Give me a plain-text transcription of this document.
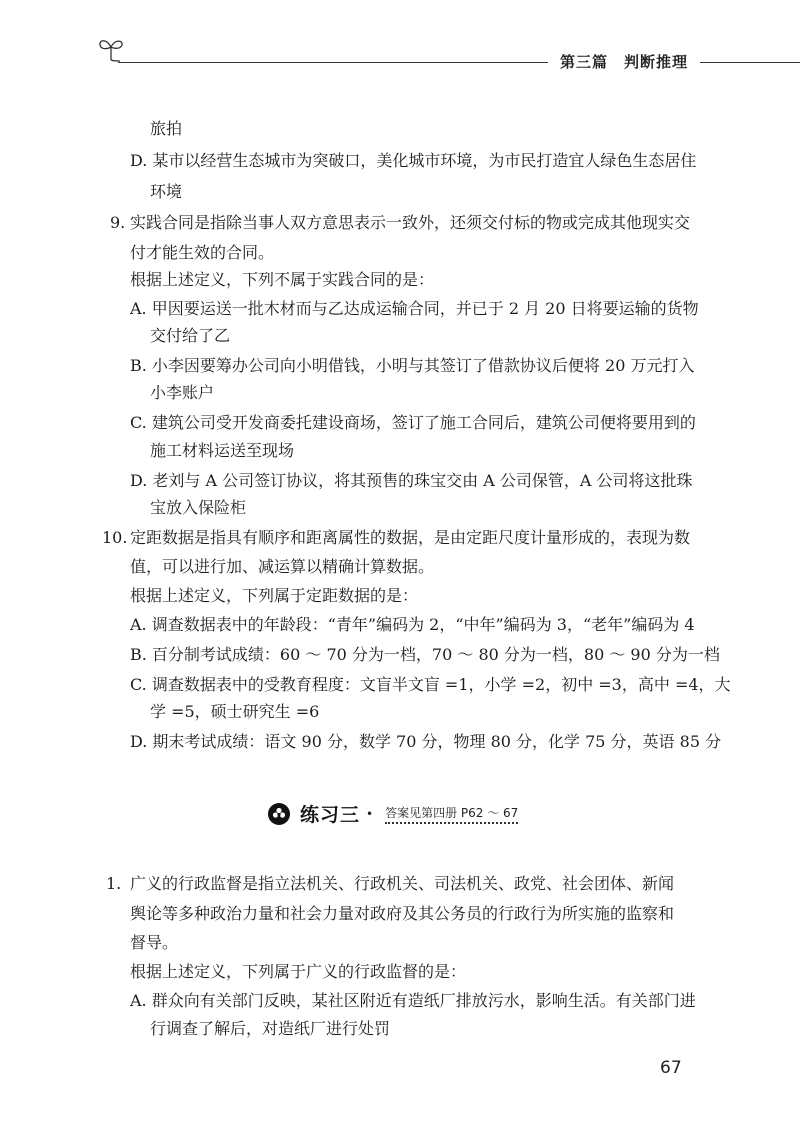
第三篇 判断推理
旅拍
D. 某市以经营生态城市为突破口，美化城市环境，为市民打造宜人绿色生态居住
环境
9. 实践合同是指除当事人双方意思表示一致外，还须交付标的物或完成其他现实交
付才能生效的合同。
根据上述定义，下列不属于实践合同的是：
A. 甲因要运送一批木材而与乙达成运输合同，并已于 2 月 20 日将要运输的货物
交付给了乙
B. 小李因要筹办公司向小明借钱，小明与其签订了借款协议后便将 20 万元打入
小李账户
C. 建筑公司受开发商委托建设商场，签订了施工合同后，建筑公司便将要用到的
施工材料运送至现场
D. 老刘与 A 公司签订协议，将其预售的珠宝交由 A 公司保管，A 公司将这批珠
宝放入保险柜
10. 定距数据是指具有顺序和距离属性的数据，是由定距尺度计量形成的，表现为数
值，可以进行加、减运算以精确计算数据。
根据上述定义，下列属于定距数据的是：
A. 调查数据表中的年龄段：“青年”编码为 2，“中年”编码为 3，“老年”编码为 4
B. 百分制考试成绩：60 ～ 70 分为一档，70 ～ 80 分为一档，80 ～ 90 分为一档
C. 调查数据表中的受教育程度：文盲半文盲 =1，小学 =2，初中 =3，高中 =4，大
学 =5，硕士研究生 =6
D. 期末考试成绩：语文 90 分，数学 70 分，物理 80 分，化学 75 分，英语 85 分
练习三 • 答案见第四册 P62 ～ 67
1. 广义的行政监督是指立法机关、行政机关、司法机关、政党、社会团体、新闻
舆论等多种政治力量和社会力量对政府及其公务员的行政行为所实施的监察和
督导。
根据上述定义，下列属于广义的行政监督的是：
A. 群众向有关部门反映，某社区附近有造纸厂排放污水，影响生活。有关部门进
行调查了解后，对造纸厂进行处罚
67
